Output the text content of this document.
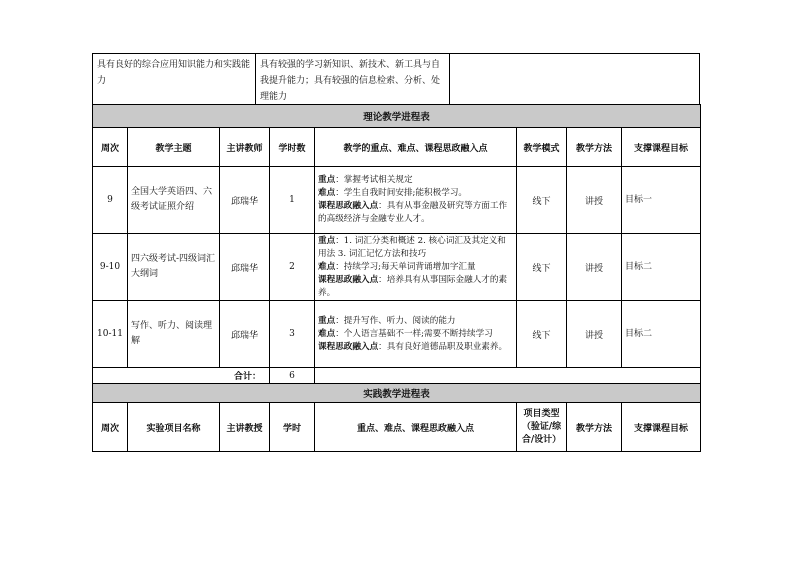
具有良好的综合应用知识能力和实践能力
具有较强的学习新知识、新技术、新工具与自我提升能力；具有较强的信息检索、分析、处理能力
理论教学进程表							
周次	教学主题	主讲教师	学时数	教学的重点、难点、课程思政融入点	教学模式	教学方法	支撑课程目标
9	全国大学英语四、六级考试证照介绍	邱瑞华	1	重点：掌握考试相关规定
难点：学生自我时间安排;能积极学习。
课程思政融入点：具有从事金融及研究等方面工作的高级经济与金融专业人才。	线下	讲授	目标一
9-10	四六级考试-四级词汇大纲词	邱瑞华	2	重点：1. 词汇分类和概述 2. 核心词汇及其定义和用法 3. 词汇记忆方法和技巧
难点：持续学习;每天单词背诵增加字汇量
课程思政融入点：培养具有从事国际金融人才的素养。	线下	讲授	目标二
10-11	写作、听力、阅读理解	邱瑞华	3	重点：提升写作、听力、阅读的能力
难点：个人语言基础不一样;需要不断持续学习
课程思政融入点：具有良好道德品职及职业素养。	线下	讲授	目标二
合计：			6				
实践教学进程表							
周次	实验项目名称	主讲教授	学时	重点、难点、课程思政融入点	项目类型
（验证/综
合/设计）	教学方法	支撑课程目标
